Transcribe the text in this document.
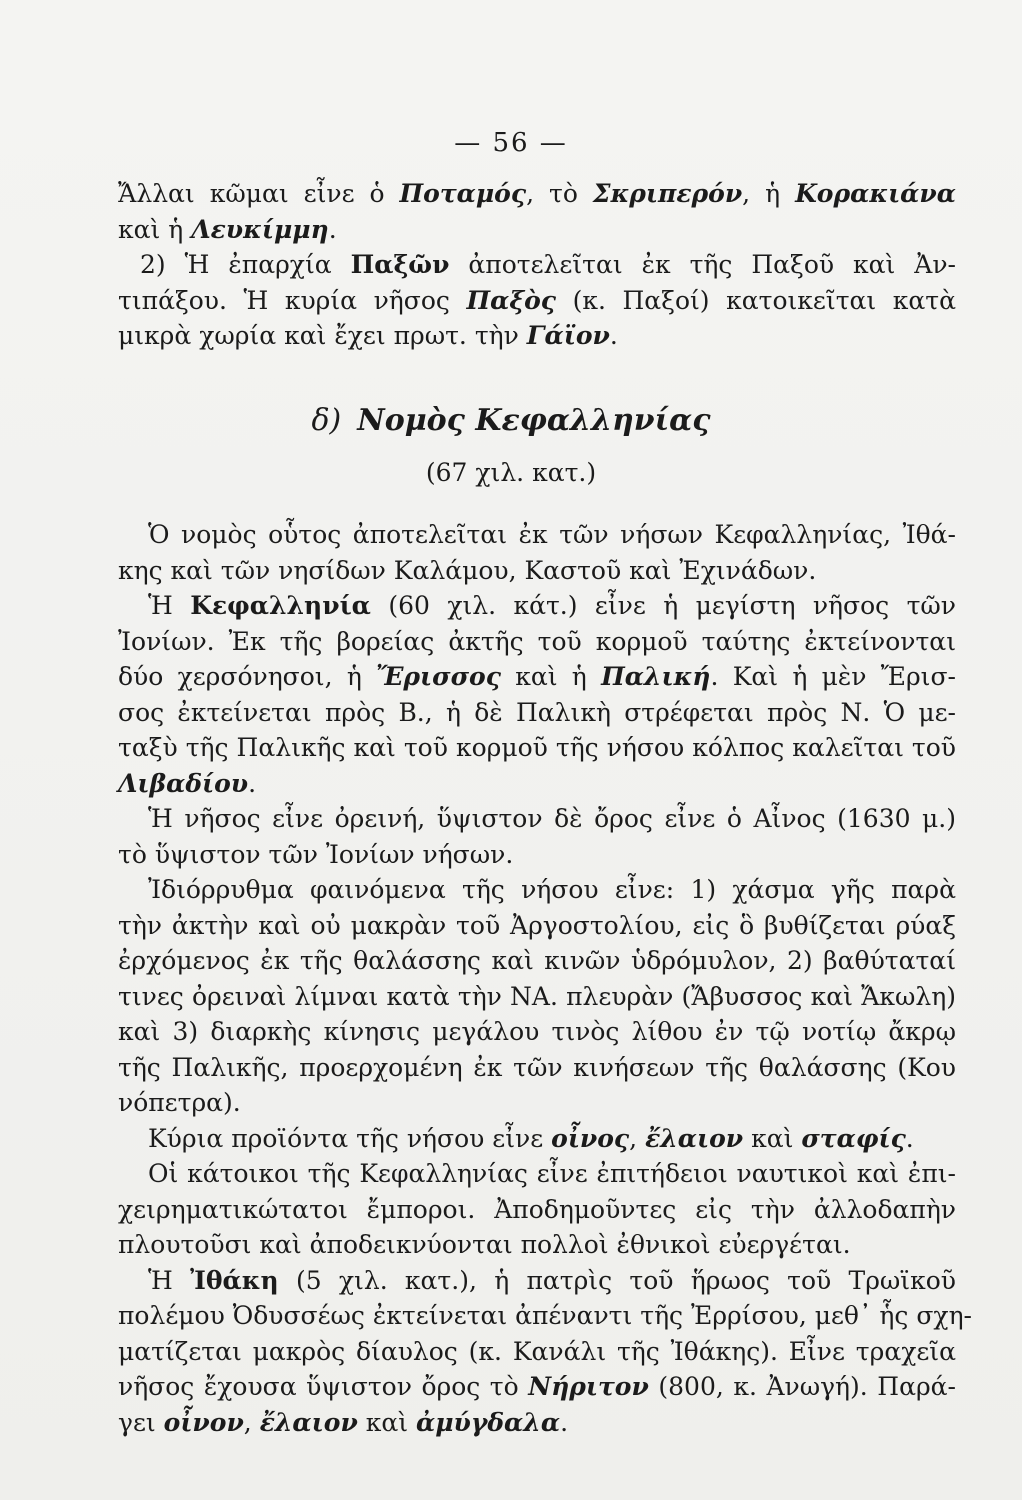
— 56 —
Ἄλλαι κῶμαι εἶνε ὁ Ποταμός, τὸ Σκριπερόν, ἡ Κορακιάνα
καὶ ἡ Λευκίμμη.
2) Ἡ ἐπαρχία Παξῶν ἀποτελεῖται ἐκ τῆς Παξοῦ καὶ Ἀν-
τιπάξου. Ἡ κυρία νῆσος Παξὸς (κ. Παξοί) κατοικεῖται κατὰ
μικρὰ χωρία καὶ ἔχει πρωτ. τὴν Γάϊον.
δ) Νομὸς Κεφαλληνίας
(67 χιλ. κατ.)
Ὁ νομὸς οὗτος ἀποτελεῖται ἐκ τῶν νήσων Κεφαλληνίας, Ἰθά-
κης καὶ τῶν νησίδων Καλάμου, Καστοῦ καὶ Ἐχινάδων.
Ἡ Κεφαλληνία (60 χιλ. κάτ.) εἶνε ἡ μεγίστη νῆσος τῶν
Ἰονίων. Ἐκ τῆς βορείας ἀκτῆς τοῦ κορμοῦ ταύτης ἐκτείνονται
δύο χερσόνησοι, ἡ Ἔρισσος καὶ ἡ Παλική. Καὶ ἡ μὲν Ἔρισ-
σος ἐκτείνεται πρὸς Β., ἡ δὲ Παλικὴ στρέφεται πρὸς Ν. Ὁ με-
ταξὺ τῆς Παλικῆς καὶ τοῦ κορμοῦ τῆς νήσου κόλπος καλεῖται τοῦ
Λιβαδίου.
Ἡ νῆσος εἶνε ὀρεινή, ὕψιστον δὲ ὄρος εἶνε ὁ Αἶνος (1630 μ.)
τὸ ὕψιστον τῶν Ἰονίων νήσων.
Ἰδιόρρυθμα φαινόμενα τῆς νήσου εἶνε: 1) χάσμα γῆς παρὰ
τὴν ἀκτὴν καὶ οὐ μακρὰν τοῦ Ἀργοστολίου, εἰς ὃ βυθίζεται ρύαξ
ἐρχόμενος ἐκ τῆς θαλάσσης καὶ κινῶν ὑδρόμυλον, 2) βαθύταταί
τινες ὀρειναὶ λίμναι κατὰ τὴν ΝΑ. πλευρὰν (Ἄβυσσος καὶ Ἄκωλη)
καὶ 3) διαρκὴς κίνησις μεγάλου τινὸς λίθου ἐν τῷ νοτίῳ ἄκρῳ
τῆς Παλικῆς, προερχομένη ἐκ τῶν κινήσεων τῆς θαλάσσης (Κου
νόπετρα).
Κύρια προϊόντα τῆς νήσου εἶνε οἶνος, ἔλαιον καὶ σταφίς.
Οἱ κάτοικοι τῆς Κεφαλληνίας εἶνε ἐπιτήδειοι ναυτικοὶ καὶ ἐπι-
χειρηματικώτατοι ἔμποροι. Ἀποδημοῦντες εἰς τὴν ἀλλοδαπὴν
πλουτοῦσι καὶ ἀποδεικνύονται πολλοὶ ἐθνικοὶ εὐεργέται.
Ἡ Ἰθάκη (5 χιλ. κατ.), ἡ πατρὶς τοῦ ἥρωος τοῦ Τρωϊκοῦ
πολέμου Ὀδυσσέως ἐκτείνεται ἀπέναντι τῆς Ἐρρίσου, μεθ᾽ ἧς σχη-
ματίζεται μακρὸς δίαυλος (κ. Κανάλι τῆς Ἰθάκης). Εἶνε τραχεῖα
νῆσος ἔχουσα ὕψιστον ὄρος τὸ Νήριτον (800, κ. Ἀνωγή). Παρά-
γει οἶνον, ἔλαιον καὶ ἀμύγδαλα.
